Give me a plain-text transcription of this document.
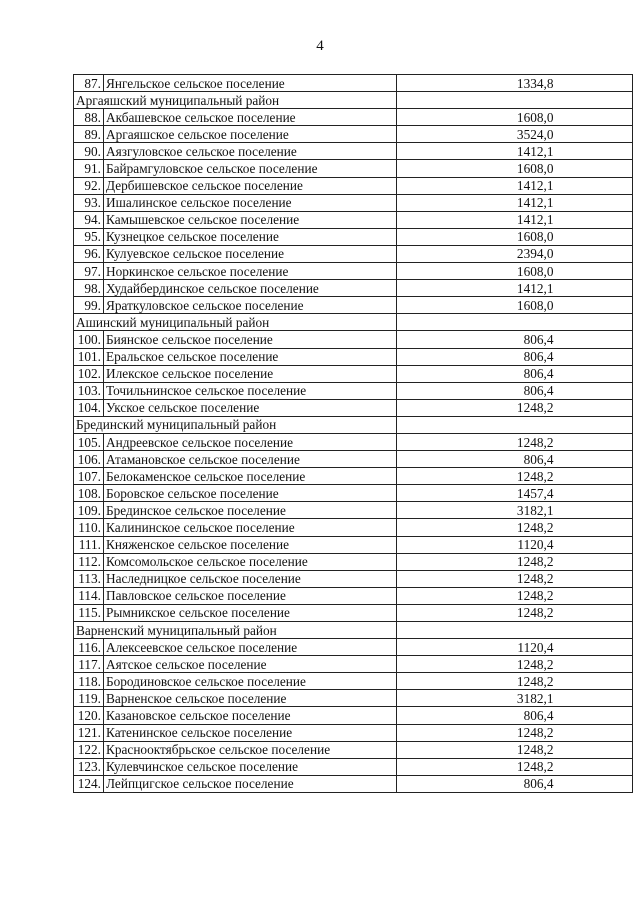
4
87.	Янгельское сельское поселение	1334,8
Аргаяшский муниципальный район		
88.	Акбашевское сельское поселение	1608,0
89.	Аргаяшское сельское поселение	3524,0
90.	Аязгуловское сельское поселение	1412,1
91.	Байрамгуловское сельское поселение	1608,0
92.	Дербишевское сельское поселение	1412,1
93.	Ишалинское сельское поселение	1412,1
94.	Камышевское сельское поселение	1412,1
95.	Кузнецкое сельское поселение	1608,0
96.	Кулуевское сельское поселение	2394,0
97.	Норкинское сельское поселение	1608,0
98.	Худайбердинское сельское поселение	1412,1
99.	Яраткуловское сельское поселение	1608,0
Ашинский муниципальный район		
100.	Биянское сельское поселение	806,4
101.	Еральское сельское поселение	806,4
102.	Илекское сельское поселение	806,4
103.	Точильнинское сельское поселение	806,4
104.	Укское сельское поселение	1248,2
Брединский муниципальный район		
105.	Андреевское сельское поселение	1248,2
106.	Атамановское сельское поселение	806,4
107.	Белокаменское сельское поселение	1248,2
108.	Боровское сельское поселение	1457,4
109.	Брединское сельское поселение	3182,1
110.	Калининское сельское поселение	1248,2
111.	Княженское сельское поселение	1120,4
112.	Комсомольское сельское поселение	1248,2
113.	Наследницкое сельское поселение	1248,2
114.	Павловское сельское поселение	1248,2
115.	Рымникское сельское поселение	1248,2
Варненский муниципальный район		
116.	Алексеевское сельское поселение	1120,4
117.	Аятское сельское поселение	1248,2
118.	Бородиновское сельское поселение	1248,2
119.	Варненское сельское поселение	3182,1
120.	Казановское сельское поселение	806,4
121.	Катенинское сельское поселение	1248,2
122.	Краснооктябрьское сельское поселение	1248,2
123.	Кулевчинское сельское поселение	1248,2
124.	Лейпцигское сельское поселение	806,4
